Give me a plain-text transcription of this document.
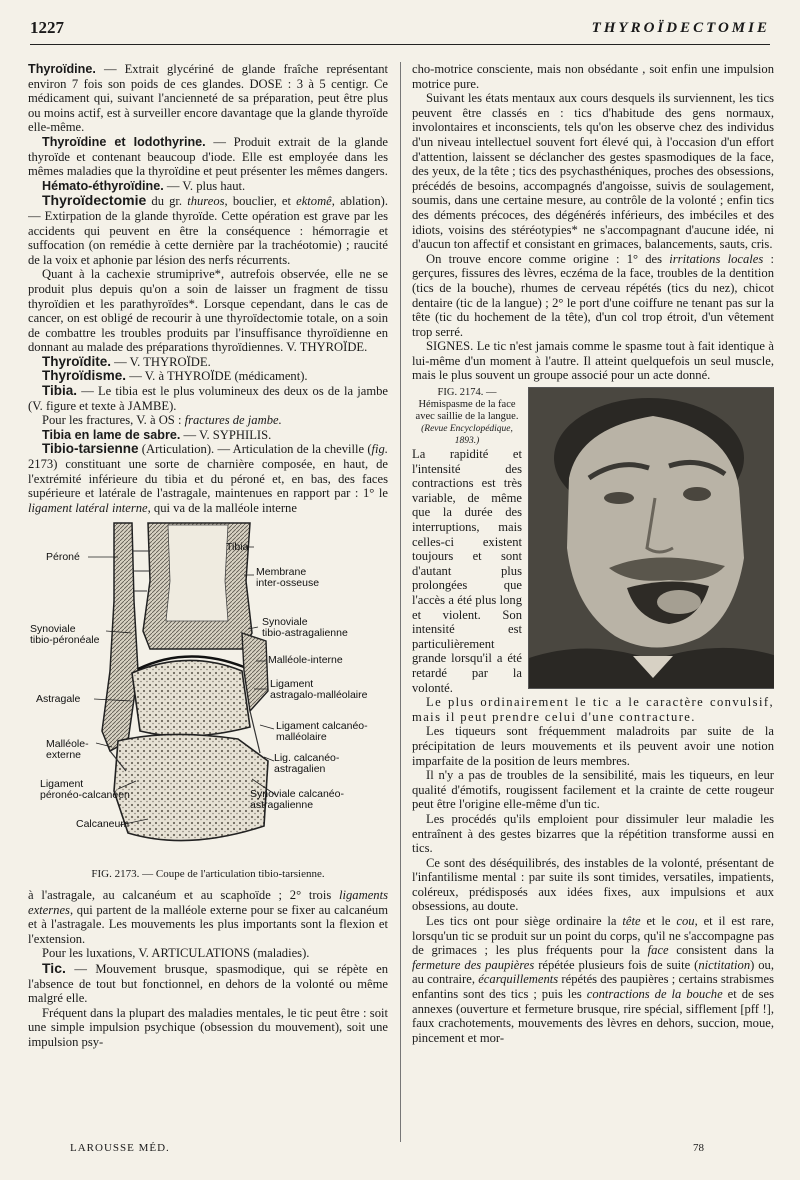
1227	THYROÏDECTOMIE

Thyroïdine. — Extrait glycériné de glande fraîche représentant environ 7 fois son poids de ces glandes. DOSE : 3 à 5 centigr. Ce médicament qui, suivant l'ancienneté de sa préparation, peut être plus ou moins actif, est à surveiller encore davantage que la glande thyroïde elle-même.

Thyroïdine et Iodothyrine. — Produit extrait de la glande thyroïde et contenant beaucoup d'iode. Elle est employée dans les mêmes maladies que la thyroïdine et peut présenter les mêmes dangers.

Hémato-éthyroïdine. — V. plus haut.

Thyroïdectomie du gr. thureos, bouclier, et ektomê, ablation). — Extirpation de la glande thyroïde. Cette opération est grave par les accidents qui peuvent en être la conséquence : hémorragie et suffocation (on remédie à cette dernière par la trachéotomie) ; raucité de la voix et aphonie par lésion des nerfs récurrents.

Quant à la cachexie strumiprive*, autrefois observée, elle ne se produit plus depuis qu'on a soin de laisser un fragment de tissu thyroïdien et les parathyroïdes*. Lorsque cependant, dans le cas de cancer, on est obligé de recourir à une thyroïdectomie totale, on a soin de combattre les troubles produits par l'insuffisance thyroïdienne en donnant au malade des préparations thyroïdiennes. V. THYROÏDE.

Thyroïdite. — V. THYROÏDE.

Thyroïdisme. — V. à THYROÏDE (médicament).

Tibia. — Le tibia est le plus volumineux des deux os de la jambe (V. figure et texte à JAMBE).

Pour les fractures, V. à OS : fractures de jambe.

Tibia en lame de sabre. — V. SYPHILIS.

Tibio-tarsienne (Articulation). — Articulation de la cheville (fig. 2173) constituant une sorte de charnière composée, en haut, de l'extrémité inférieure du tibia et du péroné et, en bas, des faces supérieure et latérale de l'astragale, maintenues en rapport par : 1° le ligament latéral interne, qui va de la malléole interne

Tibia
Péroné
Membrane
inter-osseuse
Synoviale
tibio-astragalienne
Synoviale
tibio-péronéale
Malléole-interne
Ligament
astragalo-malléolaire
Astragale
Ligament calcanéo-
malléolaire
Malléole-
externe	Lig. calcanéo-
astragalien
Ligament
péronéo-calcanéen	Synoviale calcanéo-
astragalienne
Calcaneum
FIG. 2173. — Coupe de l'articulation tibio-tarsienne.

à l'astragale, au calcanéum et au scaphoïde ; 2° trois ligaments externes, qui partent de la malléole externe pour se fixer au calcanéum et à l'astragale. Les mouvements les plus importants sont la flexion et l'extension.

Pour les luxations, V. ARTICULATIONS (maladies).

Tic. — Mouvement brusque, spasmodique, qui se répète en l'absence de tout but fonctionnel, en dehors de la volonté ou même malgré elle.

Fréquent dans la plupart des maladies mentales, le tic peut être : soit une simple impulsion psychique (obsession du mouvement), soit une impulsion psy-

cho-motrice consciente, mais non obsédante , soit enfin une impulsion motrice pure.

Suivant les états mentaux aux cours desquels ils surviennent, les tics peuvent être classés en : tics d'habitude des gens normaux, involontaires et inconscients, tels qu'on les observe chez des individus d'un niveau intellectuel souvent fort élevé qui, à l'occasion d'un effort d'attention, laissent se déclancher des gestes spasmodiques de la face, des yeux, de la tête ; tics des psychasthéniques, proches des obsessions, précédés de besoins, accompagnés d'angoisse, suivis de soulagement, soumis, dans une certaine mesure, au contrôle de la volonté ; enfin tics des déments précoces, des dégénérés inférieurs, des imbéciles et des idiots, voisins des stéréotypies* ne s'accompagnant d'aucune idée, ni d'aucun ton affectif et consistant en grimaces, balancements, sauts, cris.

On trouve encore comme origine : 1° des irritations locales : gerçures, fissures des lèvres, eczéma de la face, troubles de la dentition (tics de la bouche), rhumes de cerveau répétés (tics du nez), chicot dentaire (tic de la langue) ; 2° le port d'une coiffure ne tenant pas sur la tête (tic du hochement de la tête), d'un col trop étroit, d'un vêtement trop serré.

SIGNES. Le tic n'est jamais comme le spasme tout à fait identique à lui-même d'un moment à l'autre. Il atteint quelquefois un seul muscle, mais le plus souvent un groupe associé pour un acte donné.

FIG. 2174. — Hémispasme de la face avec saillie de la langue.
(Revue Encyclopédique, 1893.)
La rapidité et l'intensité des contractions est très variable, de même que la durée des interruptions, mais celles-ci existent toujours et sont d'autant plus prolongées que l'accès a été plus long et violent. Son intensité est particulièrement grande lorsqu'il a été retardé par la volonté.

Le plus ordinairement le tic a le caractère convulsif, mais il peut prendre celui d'une contracture.

Les tiqueurs sont fréquemment maladroits par suite de la précipitation de leurs mouvements et ils peuvent avoir une notion imparfaite de la position de leurs membres.

Il n'y a pas de troubles de la sensibilité, mais les tiqueurs, en leur qualité d'émotifs, rougissent facilement et la crainte de cette rougeur peut être l'origine elle-même d'un tic.

Les procédés qu'ils emploient pour dissimuler leur maladie les entraînent à des gestes bizarres que la répétition transforme aussi en tics.

Ce sont des déséquilibrés, des instables de la volonté, présentant de l'infantilisme mental : par suite ils sont timides, versatiles, impatients, coléreux, prédisposés aux idées fixes, aux impulsions et aux obsessions, au doute.

Les tics ont pour siège ordinaire la tête et le cou, et il est rare, lorsqu'un tic se produit sur un point du corps, qu'il ne s'accompagne pas de grimaces ; les plus fréquents pour la face consistent dans la fermeture des paupières répétée plusieurs fois de suite (nictitation) ou, au contraire, écarquillements répétés des paupières ; certains strabismes enfantins sont des tics ; puis les contractions de la bouche et de ses annexes (ouverture et fermeture brusque, rire spécial, sifflement [pff !], faux crachotements, mouvements des lèvres en dehors, succion, moue, pincement et mor-

LAROUSSE MÉD.	78
